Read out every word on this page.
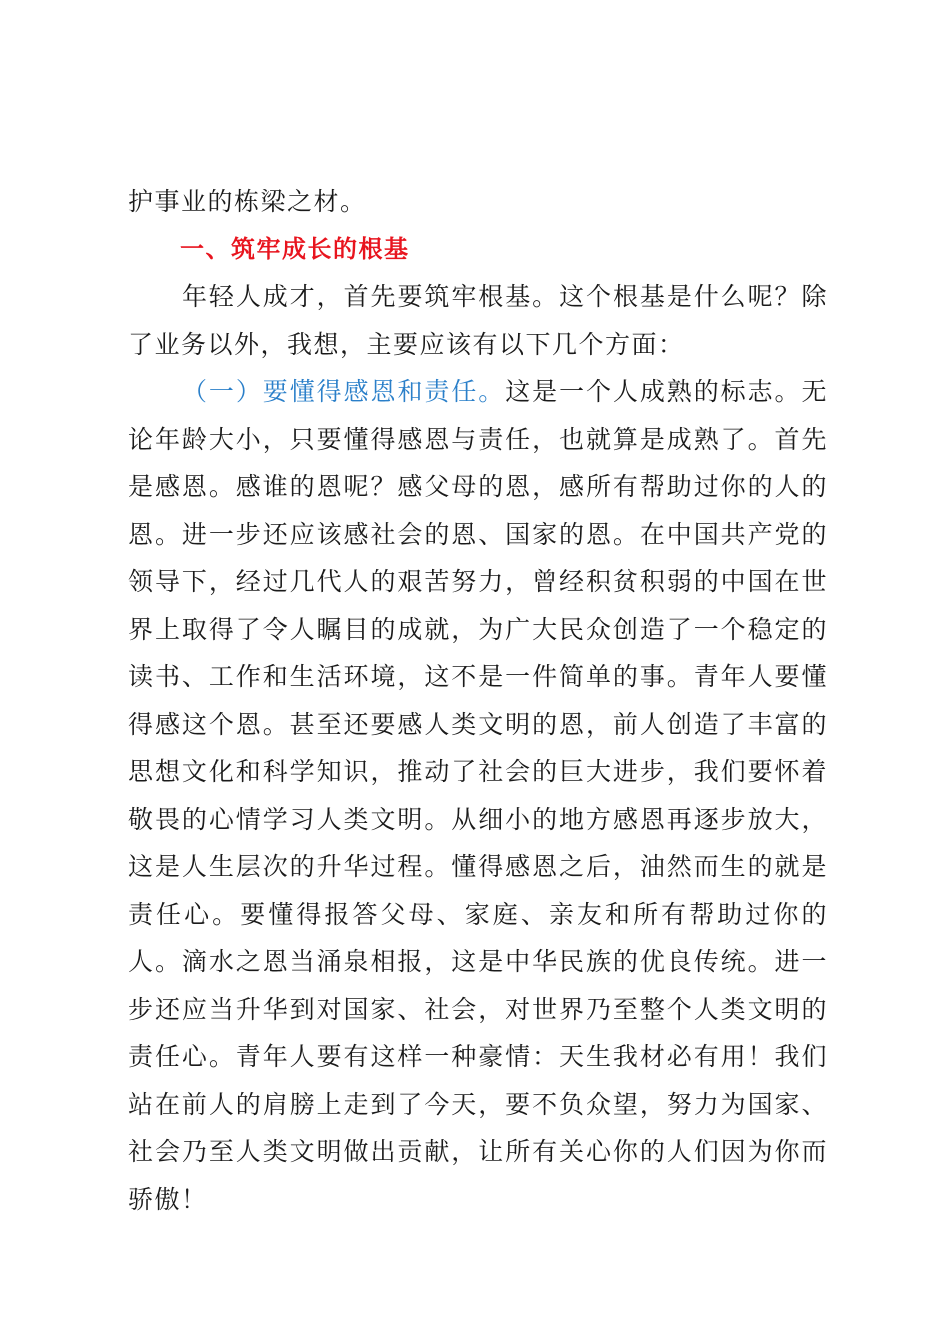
护事业的栋梁之材。

一、筑牢成长的根基

年轻人成才，首先要筑牢根基。这个根基是什么呢？除了业务以外，我想，主要应该有以下几个方面：

（一）要懂得感恩和责任。这是一个人成熟的标志。无论年龄大小，只要懂得感恩与责任，也就算是成熟了。首先是感恩。感谁的恩呢？感父母的恩，感所有帮助过你的人的恩。进一步还应该感社会的恩、国家的恩。在中国共产党的领导下，经过几代人的艰苦努力，曾经积贫积弱的中国在世界上取得了令人瞩目的成就，为广大民众创造了一个稳定的读书、工作和生活环境，这不是一件简单的事。青年人要懂得感这个恩。甚至还要感人类文明的恩，前人创造了丰富的思想文化和科学知识，推动了社会的巨大进步，我们要怀着敬畏的心情学习人类文明。从细小的地方感恩再逐步放大，这是人生层次的升华过程。懂得感恩之后，油然而生的就是责任心。要懂得报答父母、家庭、亲友和所有帮助过你的人。滴水之恩当涌泉相报，这是中华民族的优良传统。进一步还应当升华到对国家、社会，对世界乃至整个人类文明的责任心。青年人要有这样一种豪情：天生我材必有用！我们站在前人的肩膀上走到了今天，要不负众望，努力为国家、社会乃至人类文明做出贡献，让所有关心你的人们因为你而骄傲！
